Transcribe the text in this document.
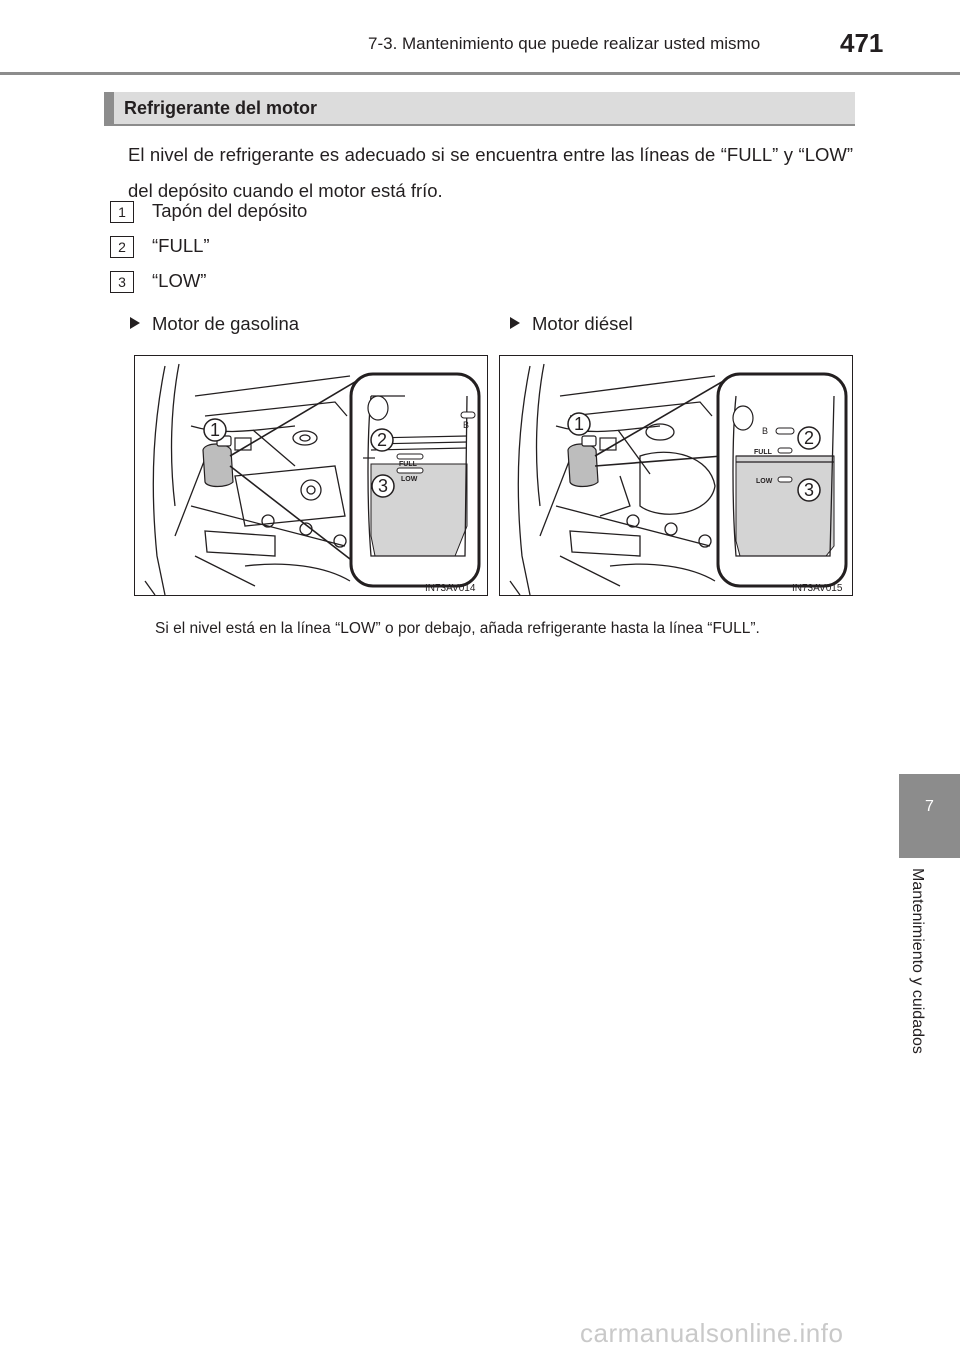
7-3. Mantenimiento que puede realizar usted mismo	471
Refrigerante del motor
El nivel de refrigerante es adecuado si se encuentra entre las líneas de “FULL” y “LOW” del depósito cuando el motor está frío.
1	Tapón del depósito
2	“FULL”
3	“LOW”
Motor de gasolina	Motor diésel
B
FULL
LOW
1	2
3
IN73AV014
B
FULL
LOW
1
2
3
IN73AV015
Si el nivel está en la línea “LOW” o por debajo, añada refrigerante hasta la línea “FULL”.
7
Mantenimiento y cuidados
carmanualsonline.info
